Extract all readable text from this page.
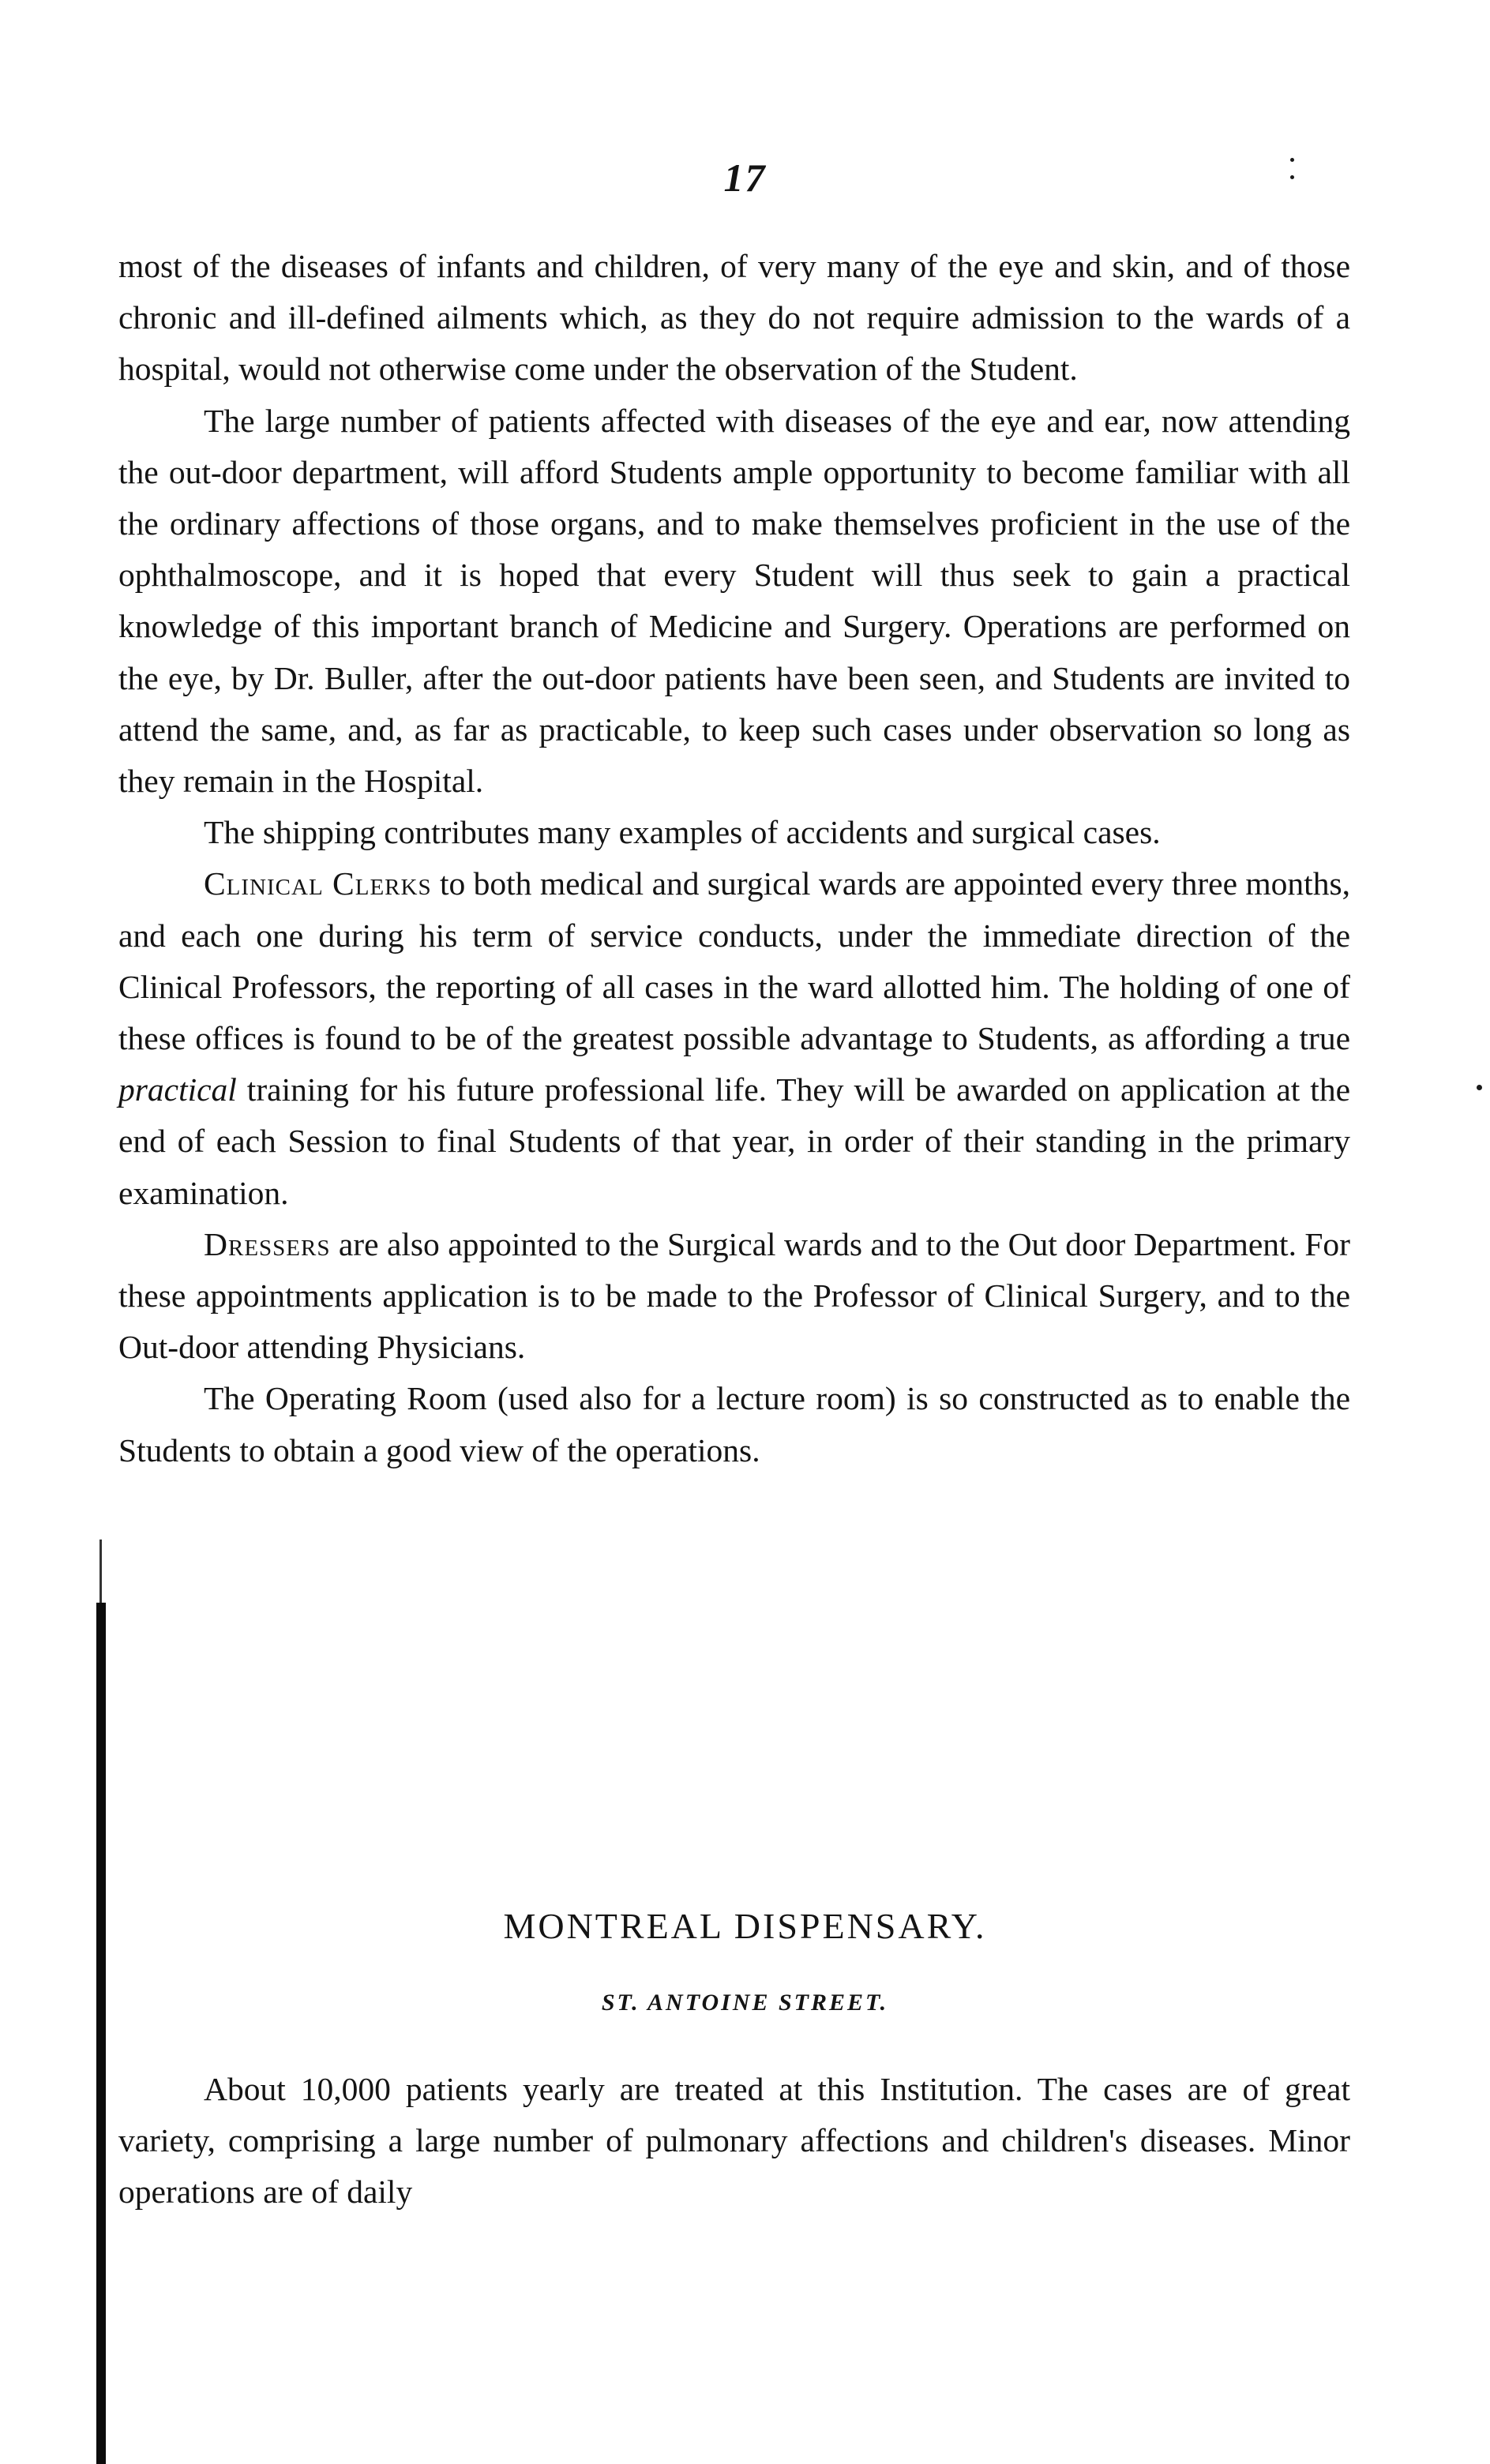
17

most of the diseases of infants and children, of very many of the eye and skin, and of those chronic and ill-defined ailments which, as they do not require admission to the wards of a hospital, would not otherwise come under the observation of the Student.

The large number of patients affected with diseases of the eye and ear, now attending the out-door department, will afford Students ample opportunity to become familiar with all the ordinary affections of those organs, and to make themselves proficient in the use of the ophthalmoscope, and it is hoped that every Student will thus seek to gain a practical knowledge of this important branch of Medicine and Surgery. Operations are performed on the eye, by Dr. Buller, after the out-door patients have been seen, and Students are invited to attend the same, and, as far as practicable, to keep such cases under observation so long as they remain in the Hospital.

The shipping contributes many examples of accidents and surgical cases.

Clinical Clerks to both medical and surgical wards are appointed every three months, and each one during his term of service conducts, under the immediate direction of the Clinical Professors, the reporting of all cases in the ward allotted him. The holding of one of these offices is found to be of the greatest possible advantage to Students, as affording a true practical training for his future professional life. They will be awarded on application at the end of each Session to final Students of that year, in order of their standing in the primary examination.

Dressers are also appointed to the Surgical wards and to the Out door Department. For these appointments application is to be made to the Professor of Clinical Surgery, and to the Out-door attending Physicians.

The Operating Room (used also for a lecture room) is so constructed as to enable the Students to obtain a good view of the operations.

MONTREAL DISPENSARY.
ST. ANTOINE STREET.

About 10,000 patients yearly are treated at this Institution. The cases are of great variety, comprising a large number of pulmonary affections and children's diseases. Minor operations are of daily
